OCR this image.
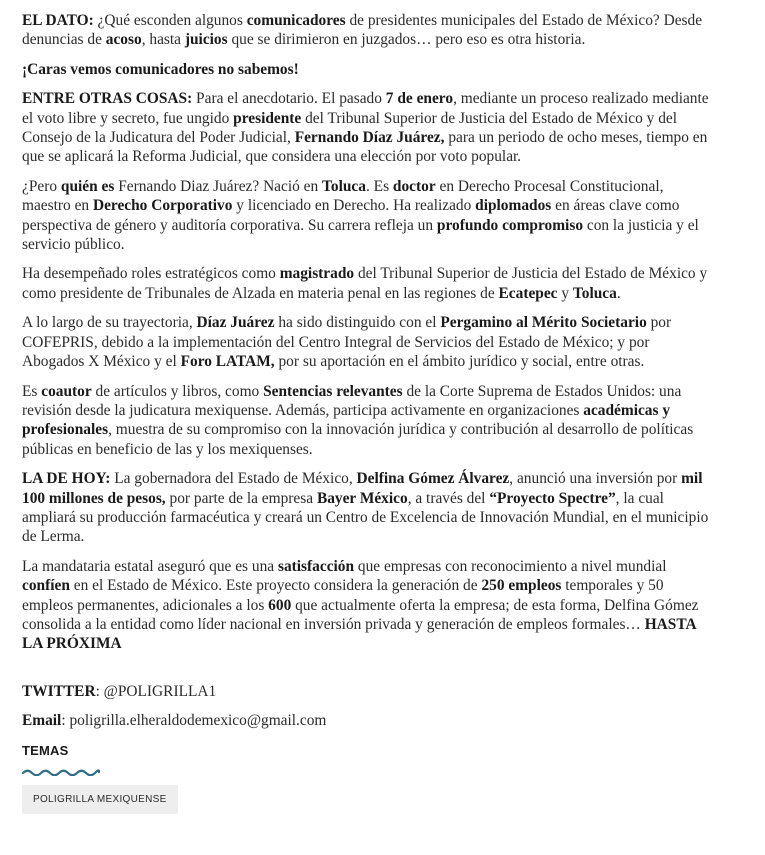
EL DATO: ¿Qué esconden algunos comunicadores de presidentes municipales del Estado de México? Desde denuncias de acoso, hasta juicios que se dirimieron en juzgados… pero eso es otra historia.

¡Caras vemos comunicadores no sabemos!

ENTRE OTRAS COSAS: Para el anecdotario. El pasado 7 de enero, mediante un proceso realizado mediante el voto libre y secreto, fue ungido presidente del Tribunal Superior de Justicia del Estado de México y del Consejo de la Judicatura del Poder Judicial, Fernando Díaz Juárez, para un periodo de ocho meses, tiempo en que se aplicará la Reforma Judicial, que considera una elección por voto popular.

¿Pero quién es Fernando Diaz Juárez? Nació en Toluca. Es doctor en Derecho Procesal Constitucional, maestro en Derecho Corporativo y licenciado en Derecho. Ha realizado diplomados en áreas clave como perspectiva de género y auditoría corporativa. Su carrera refleja un profundo compromiso con la justicia y el servicio público.

Ha desempeñado roles estratégicos como magistrado del Tribunal Superior de Justicia del Estado de México y como presidente de Tribunales de Alzada en materia penal en las regiones de Ecatepec y Toluca.

A lo largo de su trayectoria, Díaz Juárez ha sido distinguido con el Pergamino al Mérito Societario por COFEPRIS, debido a la implementación del Centro Integral de Servicios del Estado de México; y por Abogados X México y el Foro LATAM, por su aportación en el ámbito jurídico y social, entre otras.

Es coautor de artículos y libros, como Sentencias relevantes de la Corte Suprema de Estados Unidos: una revisión desde la judicatura mexiquense. Además, participa activamente en organizaciones académicas y profesionales, muestra de su compromiso con la innovación jurídica y contribución al desarrollo de políticas públicas en beneficio de las y los mexiquenses.

LA DE HOY: La gobernadora del Estado de México, Delfina Gómez Álvarez, anunció una inversión por mil 100 millones de pesos, por parte de la empresa Bayer México, a través del “Proyecto Spectre”, la cual ampliará su producción farmacéutica y creará un Centro de Excelencia de Innovación Mundial, en el municipio de Lerma.

La mandataria estatal aseguró que es una satisfacción que empresas con reconocimiento a nivel mundial confíen en el Estado de México. Este proyecto considera la generación de 250 empleos temporales y 50 empleos permanentes, adicionales a los 600 que actualmente oferta la empresa; de esta forma, Delfina Gómez consolida a la entidad como líder nacional en inversión privada y generación de empleos formales… HASTA LA PRÓXIMA

TWITTER: @POLIGRILLA1

Email: poligrilla.elheraldodemexico@gmail.com

TEMAS
POLIGRILLA MEXIQUENSE
